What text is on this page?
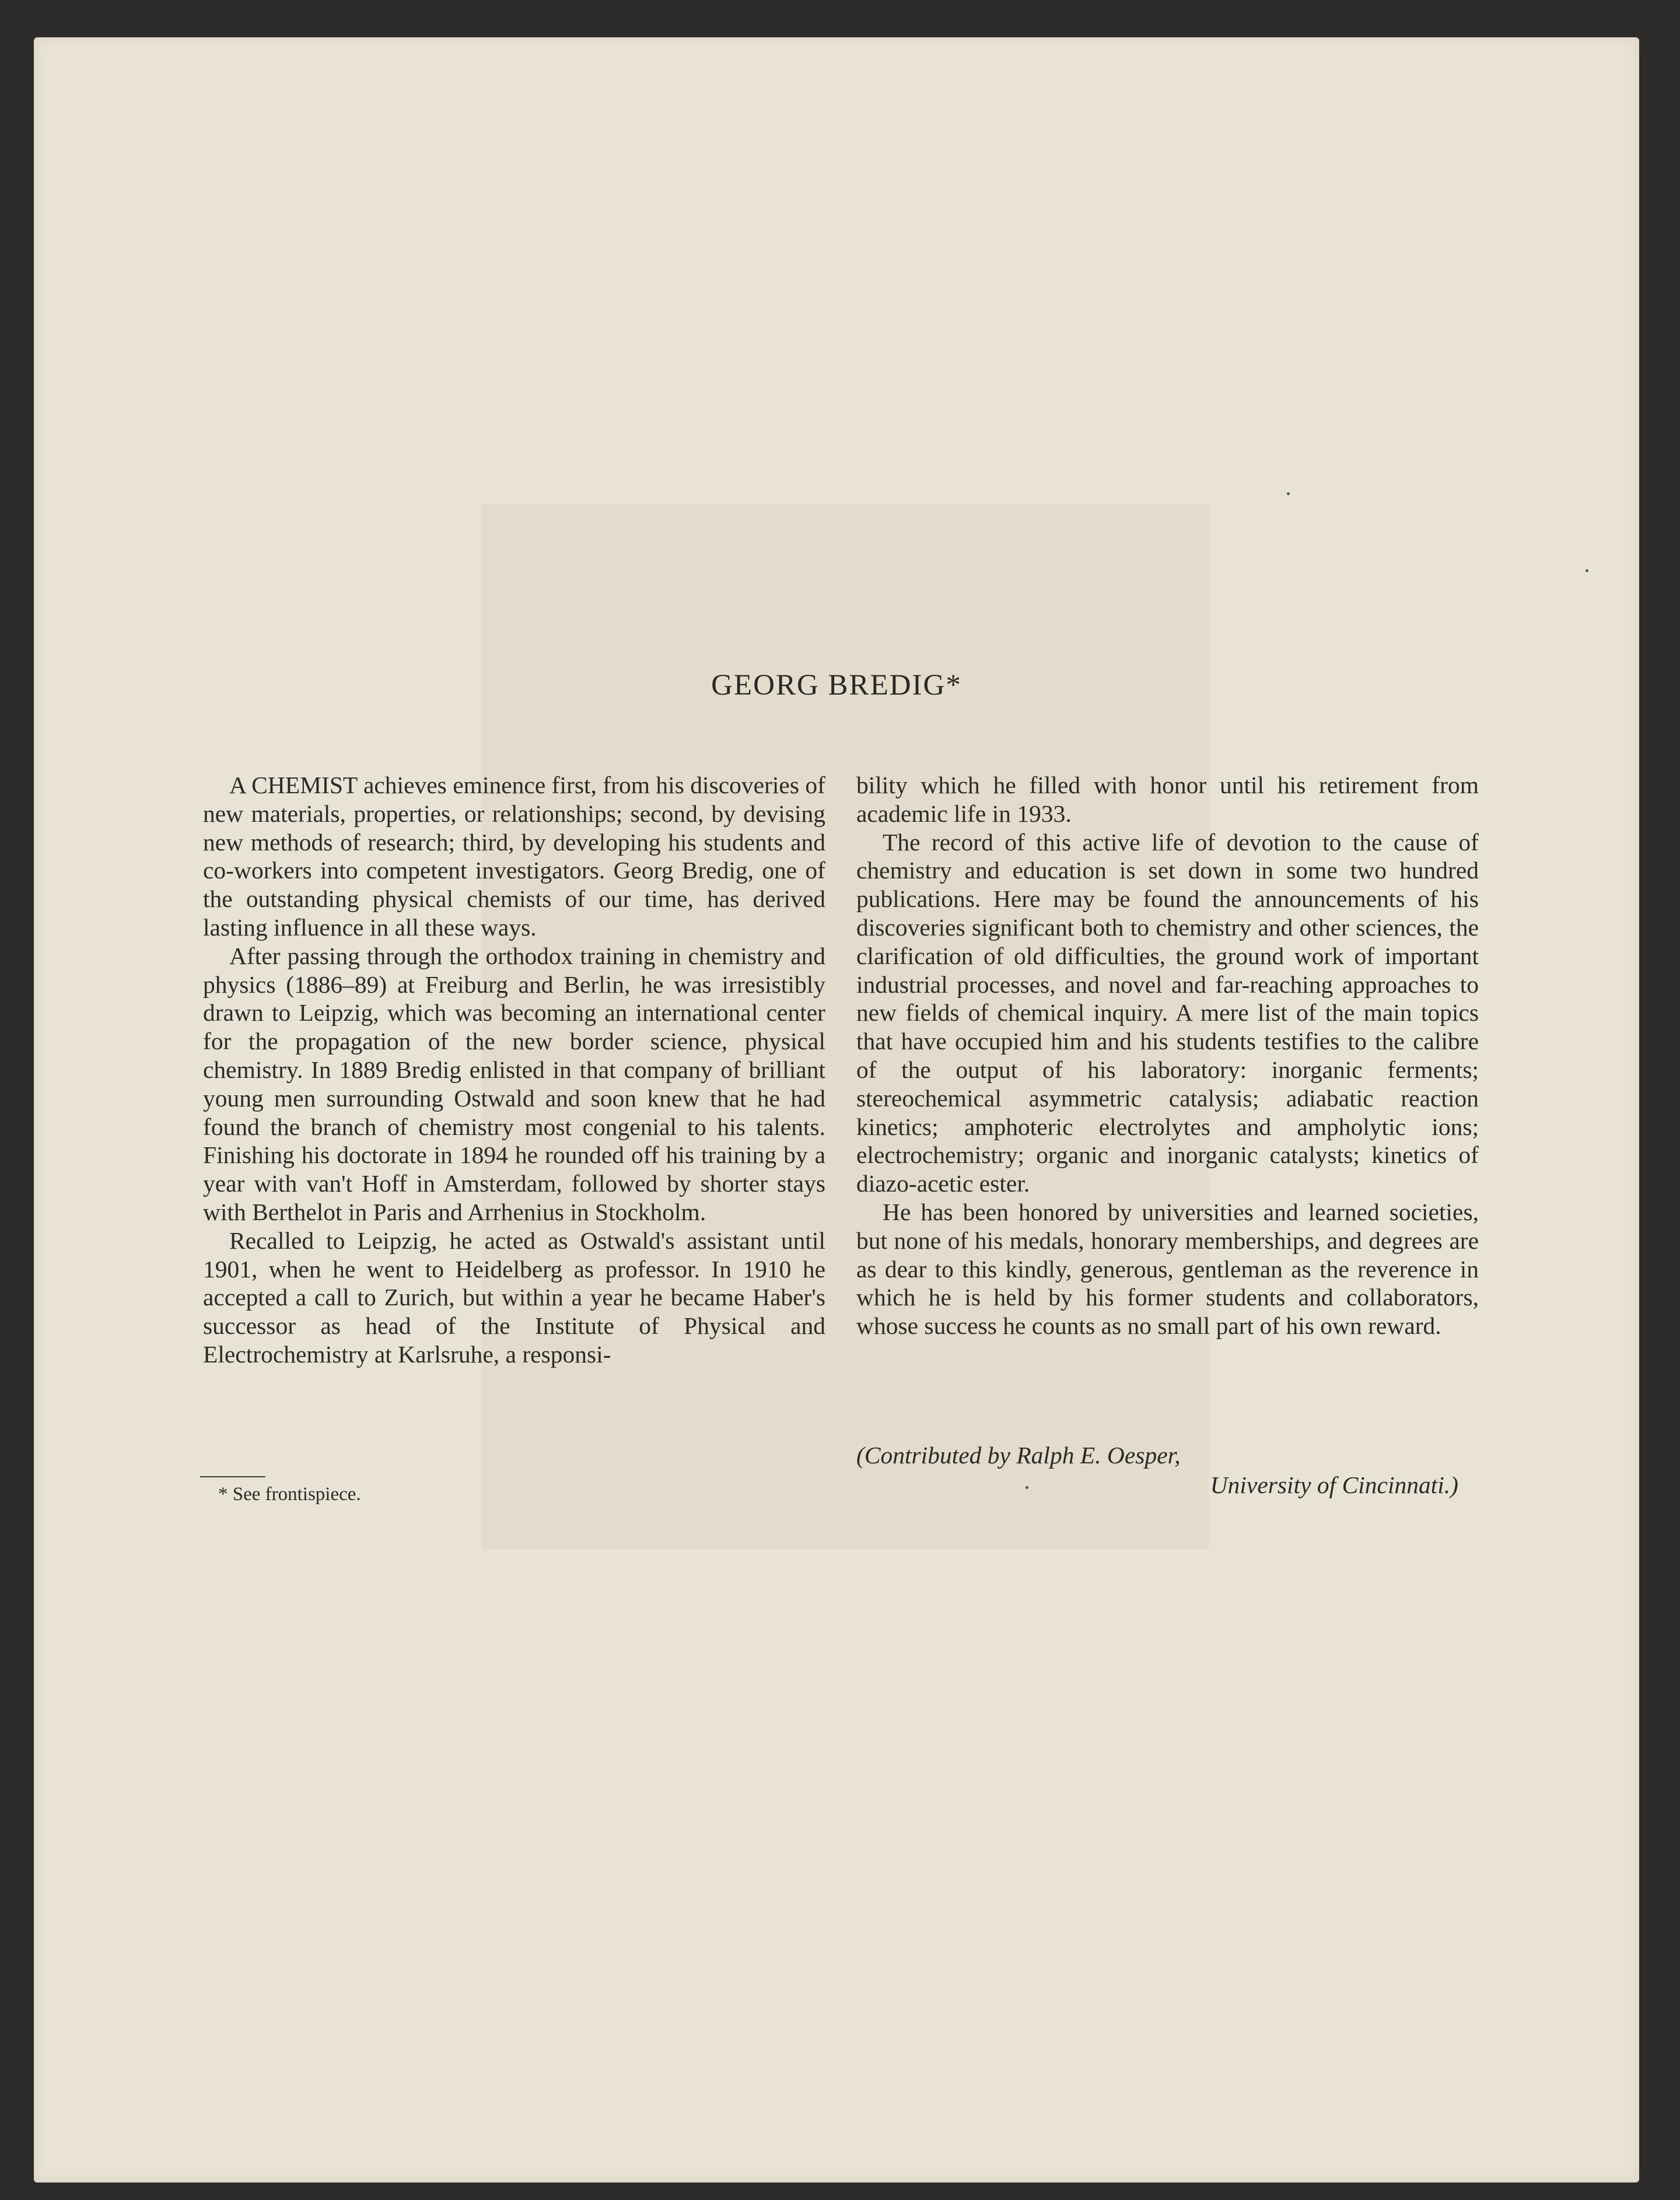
GEORG BREDIG*

A CHEMIST achieves eminence first, from his discoveries of new materials, properties, or relationships; second, by devising new methods of research; third, by developing his students and co-workers into competent investigators. Georg Bredig, one of the outstanding physical chemists of our time, has derived lasting influence in all these ways.

After passing through the orthodox training in chemistry and physics (1886–89) at Freiburg and Berlin, he was irresistibly drawn to Leipzig, which was becoming an international center for the propagation of the new border science, physical chemistry. In 1889 Bredig enlisted in that company of brilliant young men surrounding Ostwald and soon knew that he had found the branch of chemistry most congenial to his talents. Finishing his doctorate in 1894 he rounded off his training by a year with van't Hoff in Amsterdam, followed by shorter stays with Berthelot in Paris and Arrhenius in Stockholm.

Recalled to Leipzig, he acted as Ostwald's assistant until 1901, when he went to Heidelberg as professor. In 1910 he accepted a call to Zurich, but within a year he became Haber's successor as head of the Institute of Physical and Electrochemistry at Karlsruhe, a responsi-

bility which he filled with honor until his retirement from academic life in 1933.

The record of this active life of devotion to the cause of chemistry and education is set down in some two hundred publications. Here may be found the announcements of his discoveries significant both to chemistry and other sciences, the clarification of old difficulties, the ground work of important industrial processes, and novel and far-reaching approaches to new fields of chemical inquiry. A mere list of the main topics that have occupied him and his students testifies to the calibre of the output of his laboratory: inorganic ferments; stereochemical asymmetric catalysis; adiabatic reaction kinetics; amphoteric electrolytes and ampholytic ions; electrochemistry; organic and inorganic catalysts; kinetics of diazo-acetic ester.

He has been honored by universities and learned societies, but none of his medals, honorary memberships, and degrees are as dear to this kindly, generous, gentleman as the reverence in which he is held by his former students and collaborators, whose success he counts as no small part of his own reward.

* See frontispiece.
(Contributed by Ralph E. Oesper,
University of Cincinnati.)
